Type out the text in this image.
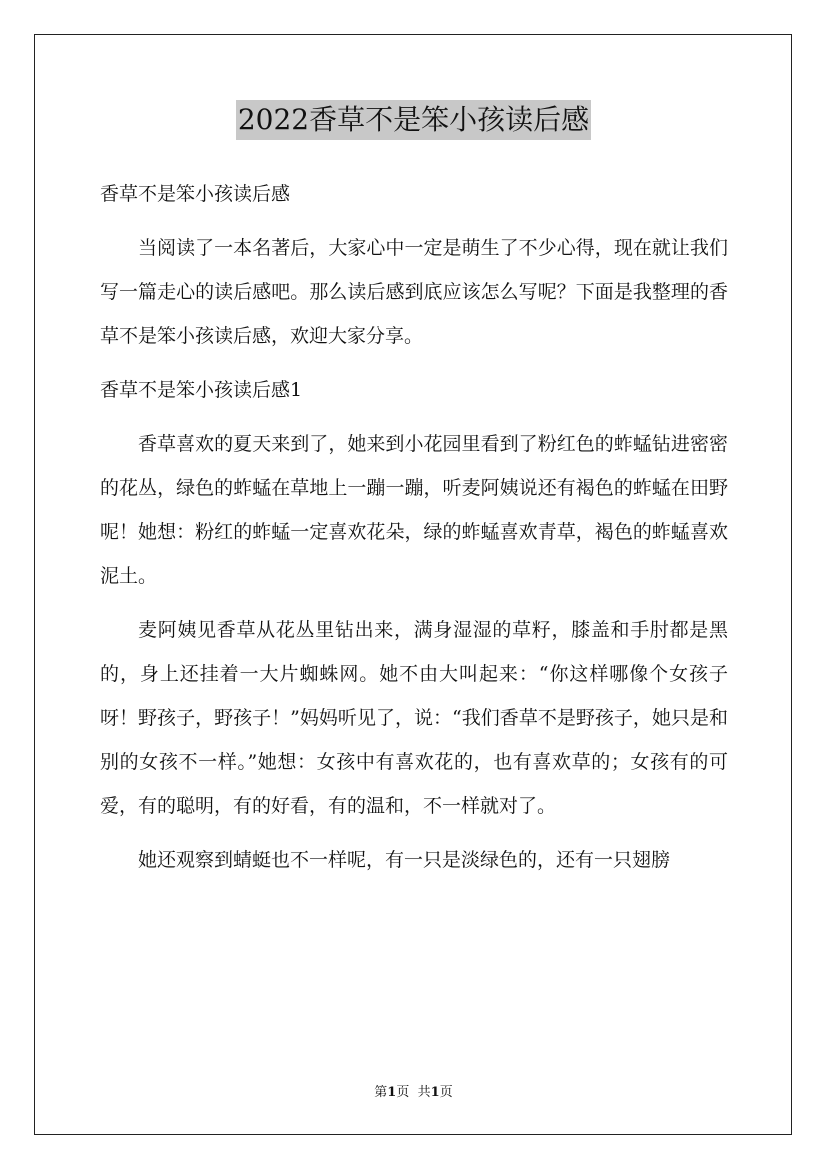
2022香草不是笨小孩读后感
香草不是笨小孩读后感

当阅读了一本名著后，大家心中一定是萌生了不少心得，现在就让我们写一篇走心的读后感吧。那么读后感到底应该怎么写呢？下面是我整理的香草不是笨小孩读后感，欢迎大家分享。

香草不是笨小孩读后感1

香草喜欢的夏天来到了，她来到小花园里看到了粉红色的蚱蜢钻进密密的花丛，绿色的蚱蜢在草地上一蹦一蹦，听麦阿姨说还有褐色的蚱蜢在田野呢！她想：粉红的蚱蜢一定喜欢花朵，绿的蚱蜢喜欢青草，褐色的蚱蜢喜欢泥土。

麦阿姨见香草从花丛里钻出来，满身湿湿的草籽，膝盖和手肘都是黑的，身上还挂着一大片蜘蛛网。她不由大叫起来：“你这样哪像个女孩子呀！野孩子，野孩子！”妈妈听见了，说：“我们香草不是野孩子，她只是和别的女孩不一样。”她想：女孩中有喜欢花的，也有喜欢草的；女孩有的可爱，有的聪明，有的好看，有的温和，不一样就对了。

她还观察到蜻蜓也不一样呢，有一只是淡绿色的，还有一只翅膀

第1页 共1页
